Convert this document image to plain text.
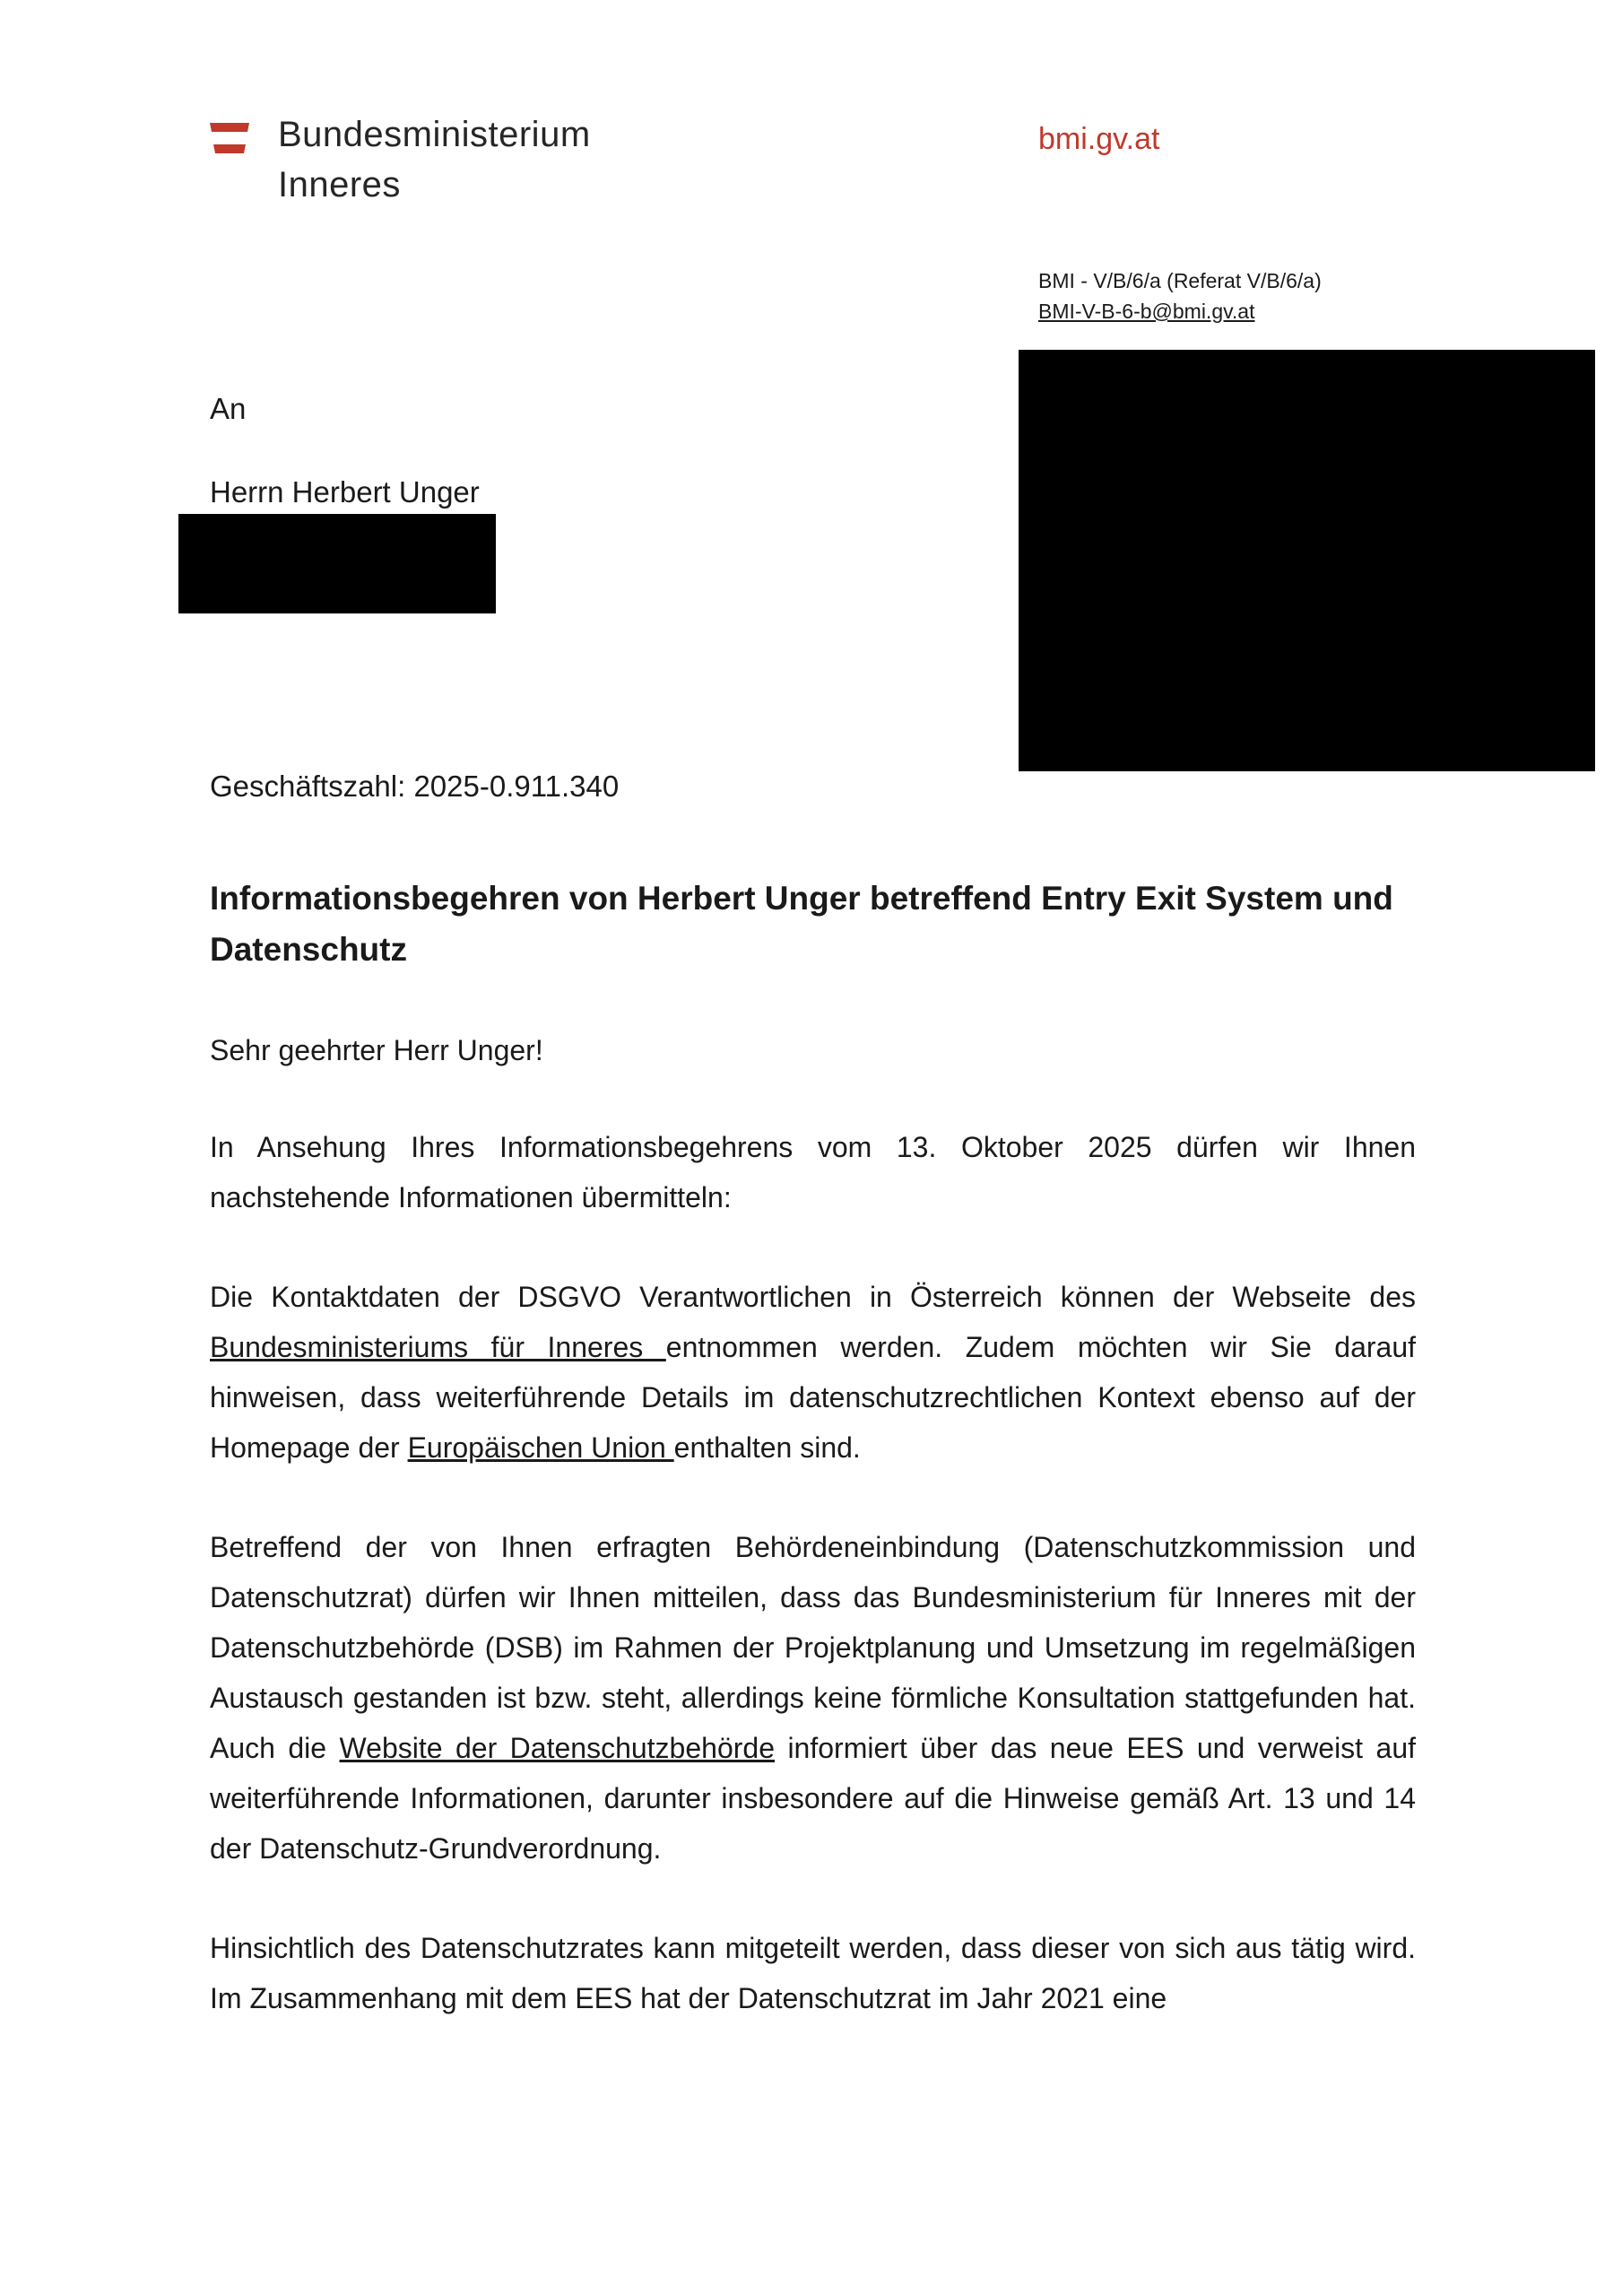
Bundesministerium
Inneres
bmi.gv.at
BMI - V/B/6/a (Referat V/B/6/a)
BMI-V-B-6-b@bmi.gv.at
An
Herrn Herbert Unger
Geschäftszahl: 2025-0.911.340
Informationsbegehren von Herbert Unger betreffend Entry Exit System und Datenschutz

Sehr geehrter Herr Unger!

In Ansehung Ihres Informationsbegehrens vom 13. Oktober 2025 dürfen wir Ihnen nachstehende Informationen übermitteln:

Die Kontaktdaten der DSGVO Verantwortlichen in Österreich können der Webseite des Bundesministeriums für Inneres entnommen werden. Zudem möchten wir Sie darauf hinweisen, dass weiterführende Details im datenschutzrechtlichen Kontext ebenso auf der Homepage der Europäischen Union enthalten sind.

Betreffend der von Ihnen erfragten Behördeneinbindung (Datenschutzkommission und Datenschutzrat) dürfen wir Ihnen mitteilen, dass das Bundesministerium für Inneres mit der Datenschutzbehörde (DSB) im Rahmen der Projektplanung und Umsetzung im regelmäßigen Austausch gestanden ist bzw. steht, allerdings keine förmliche Konsultation stattgefunden hat. Auch die Website der Datenschutzbehörde informiert über das neue EES und verweist auf weiterführende Informationen, darunter insbesondere auf die Hinweise gemäß Art. 13 und 14 der Datenschutz-Grundverordnung.

Hinsichtlich des Datenschutzrates kann mitgeteilt werden, dass dieser von sich aus tätig wird. Im Zusammenhang mit dem EES hat der Datenschutzrat im Jahr 2021 eine
